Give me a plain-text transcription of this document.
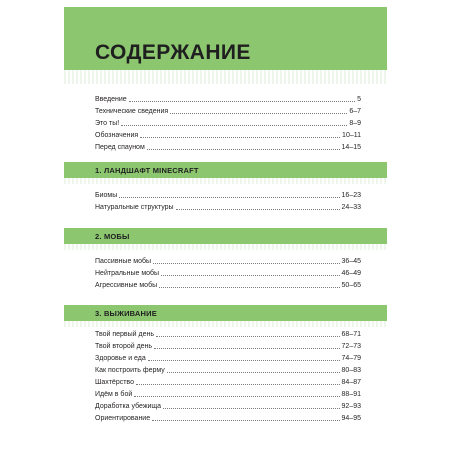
СОДЕРЖАНИЕ
Введение	5
Технические сведения	6–7
Это ты!	8–9
Обозначения	10–11
Перед спауном	14–15
1. ЛАНДШАФТ MINECRAFT
Биомы	16–23
Натуральные структуры	24–33
2. МОБЫ
Пассивные мобы	36–45
Нейтральные мобы	46–49
Агрессивные мобы	50–65
3. ВЫЖИВАНИЕ
Твой первый день	68–71
Твой второй день	72–73
Здоровье и еда	74–79
Как построить ферму	80–83
Шахтёрство	84–87
Идём в бой	88–91
Доработка убежища	92–93
Ориентирование	94–95
